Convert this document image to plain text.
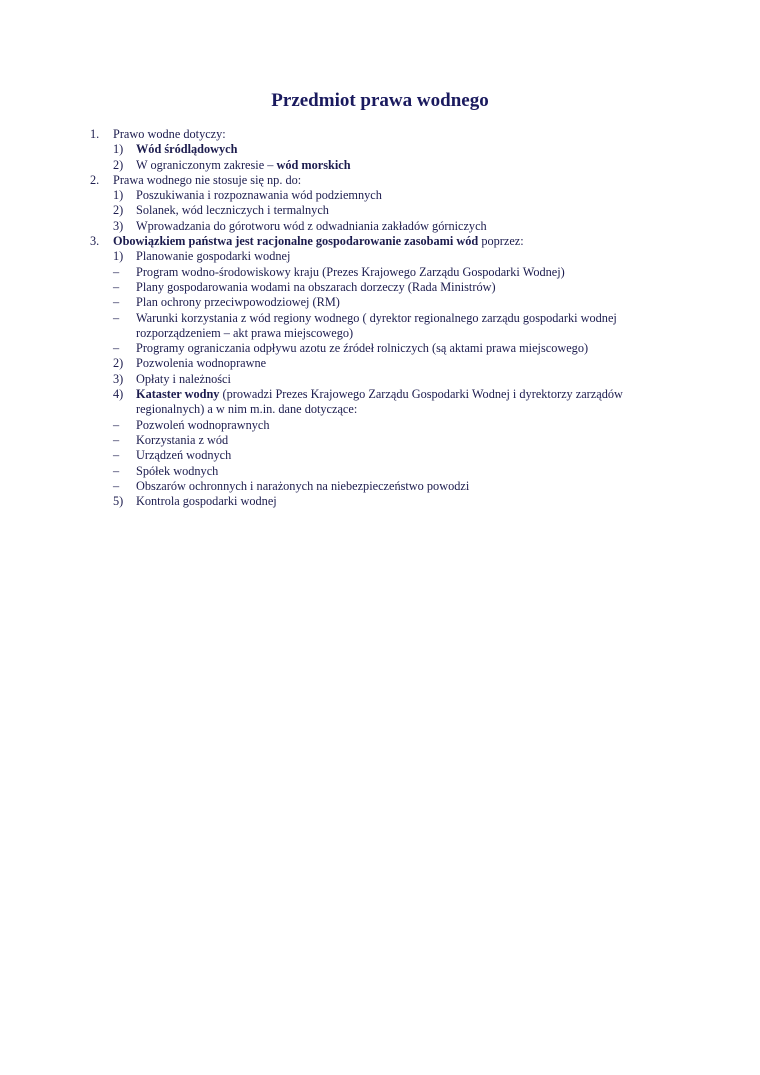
Przedmiot prawa wodnego
1.	Prawo wodne dotyczy:
1)	Wód śródlądowych
2)	W ograniczonym zakresie – wód morskich
2.	Prawa wodnego nie stosuje się np. do:
1)	Poszukiwania i rozpoznawania wód podziemnych
2)	Solanek, wód leczniczych i termalnych
3)	Wprowadzania do górotworu wód z odwadniania zakładów górniczych
3.	Obowiązkiem państwa jest racjonalne gospodarowanie zasobami wód poprzez:
1)	Planowanie gospodarki wodnej
–	Program wodno-środowiskowy kraju (Prezes Krajowego Zarządu Gospodarki Wodnej)
–	Plany gospodarowania wodami na obszarach dorzeczy (Rada Ministrów)
–	Plan ochrony przeciwpowodziowej (RM)
–	Warunki korzystania z wód regiony wodnego ( dyrektor regionalnego zarządu gospodarki wodnej rozporządzeniem – akt prawa miejscowego)
–	Programy ograniczania odpływu azotu ze źródeł rolniczych (są aktami prawa miejscowego)
2)	Pozwolenia wodnoprawne
3)	Opłaty i należności
4)	Kataster wodny (prowadzi Prezes Krajowego Zarządu Gospodarki Wodnej i dyrektorzy zarządów regionalnych) a w nim m.in. dane dotyczące:
–	Pozwoleń wodnoprawnych
–	Korzystania z wód
–	Urządzeń wodnych
–	Spółek wodnych
–	Obszarów ochronnych i narażonych na niebezpieczeństwo powodzi
5)	Kontrola gospodarki wodnej
